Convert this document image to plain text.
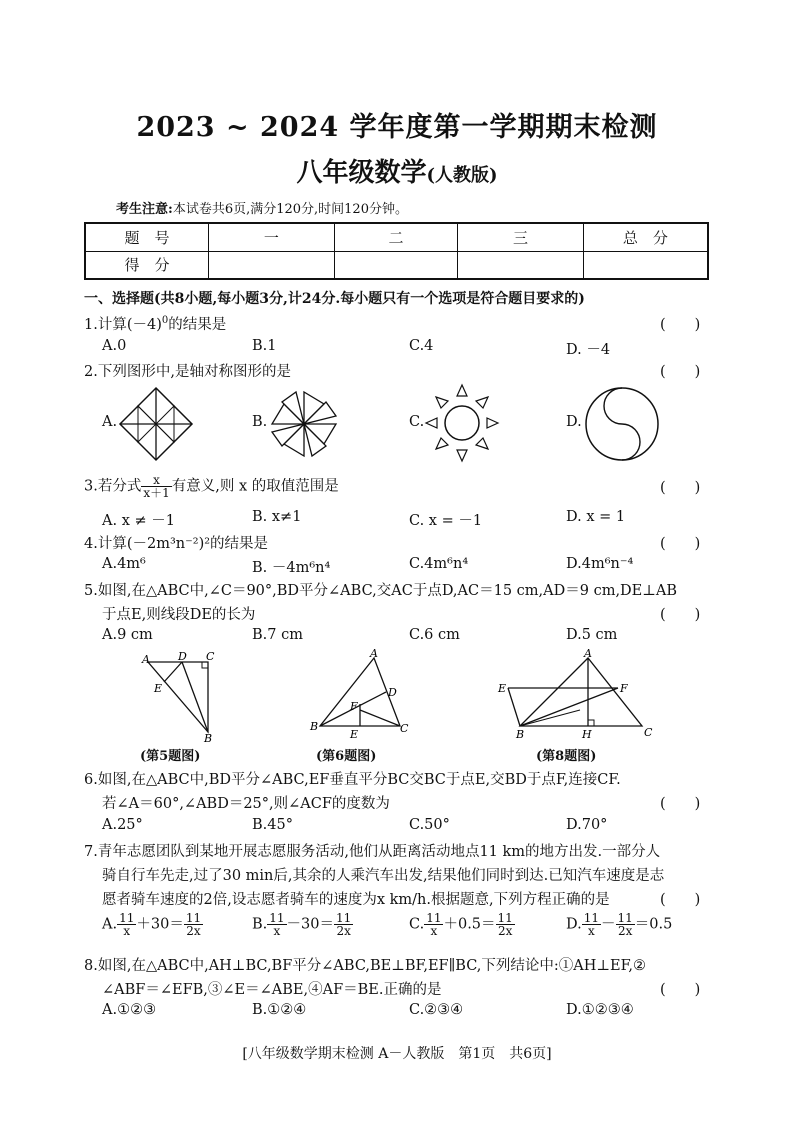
2023 ~ 2024 学年度第一学期期末检测
八年级数学(人教版)
考生注意:本试卷共6页,满分120分,时间120分钟。
题　号	一	二	三	总　分
得　分				
一、选择题(共8小题,每小题3分,计24分.每小题只有一个选项是符合题目要求的)
1.计算$(-4)^0$的结果是	(　　)
A.0	B.1	C.4	D. －4
2.下列图形中,是轴对称图形的是	(　　)
A.	B.	C.	D.
3.若分式 $\frac{x}{x+1}$ 有意义,则 x 的取值范围是	(　　)
A. x ≠ －1	B. x≠1	C. x = －1	D. x = 1
4.计算(－2m³n⁻²)²的结果是	(　　)
A.4m⁶	B. －4m⁶n⁴	C.4m⁶n⁴	D.4m⁶n⁻⁴
5.如图,在△ABC中,∠C＝90°,BD平分∠ABC,交AC于点D,AC＝15 cm,AD＝9 cm,DE⊥AB
于点E,则线段DE的长为	(　　)
A.9 cm	B.7 cm	C.6 cm	D.5 cm
A	D C
E
B
A
D
F
B
E	C
A
E	F
B	H	C
(第5题图)	(第6题图)	(第8题图)
6.如图,在△ABC中,BD平分∠ABC,EF垂直平分BC交BC于点E,交BD于点F,连接CF.
若∠A＝60°,∠ABD＝25°,则∠ACF的度数为	(　　)
A.25°	B.45°	C.50°	D.70°
7.青年志愿团队到某地开展志愿服务活动,他们从距离活动地点11 km的地方出发.一部分人
骑自行车先走,过了30 min后,其余的人乘汽车出发,结果他们同时到达.已知汽车速度是志
愿者骑车速度的2倍,设志愿者骑车的速度为x km/h.根据题意,下列方程正确的是	(　　)
A. $\frac{11}{x} +30= \frac{11}{2x}$	B. $\frac{11}{x} -30= \frac{11}{2x}$	C. $\frac{11}{x} +0.5= \frac{11}{2x}$	D. $\frac{11}{x} - \frac{11}{2x} =0.5$
8.如图,在△ABC中,AH⊥BC,BF平分∠ABC,BE⊥BF,EF∥BC,下列结论中:①AH⊥EF,②
∠ABF＝∠EFB,③∠E＝∠ABE,④AF＝BE.正确的是	(　　)
A.①②③	B.①②④	C.②③④	D.①②③④
[八年级数学期末检测 A－人教版　第1页　共6页]
